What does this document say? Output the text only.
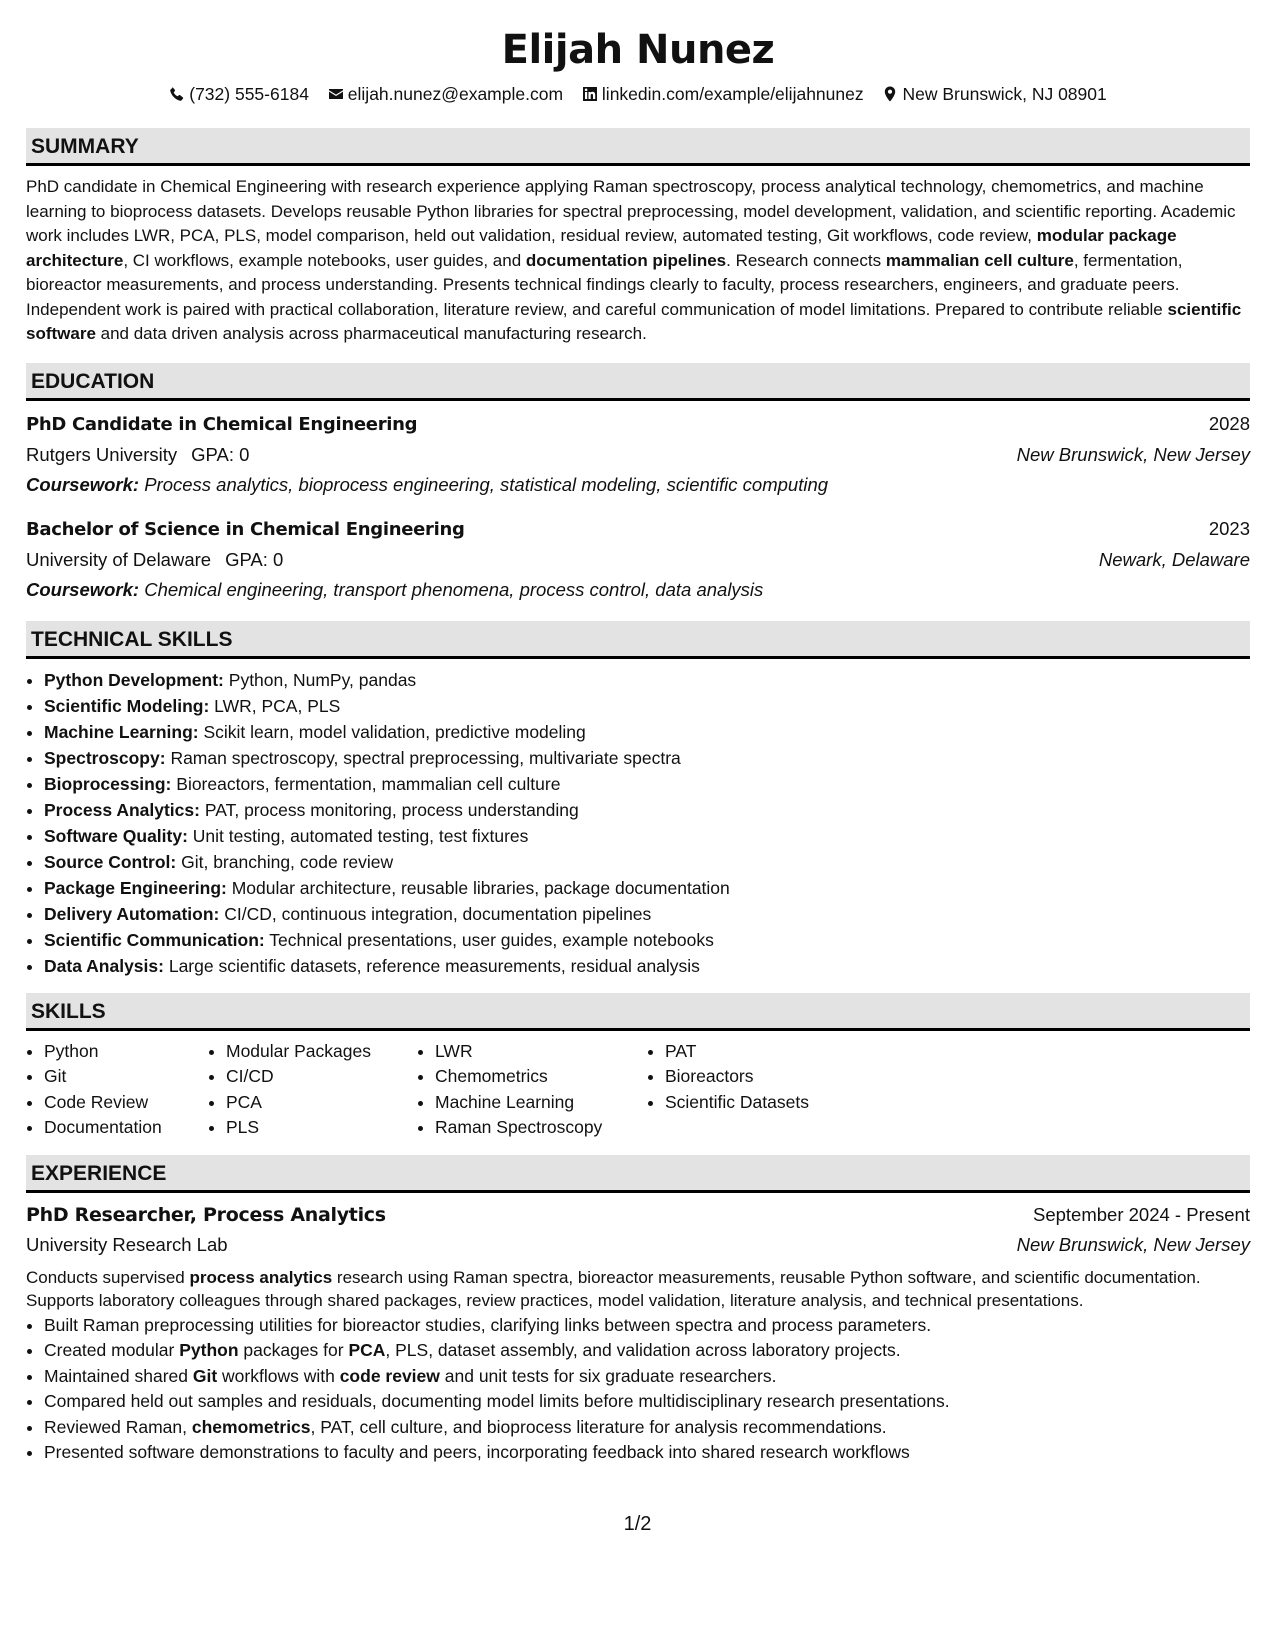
Elijah Nunez
(732) 555-6184 elijah.nunez@example.com linkedin.com/example/elijahnunez New Brunswick, NJ 08901
SUMMARY
PhD candidate in Chemical Engineering with research experience applying Raman spectroscopy, process analytical technology, chemometrics, and machine learning to bioprocess datasets. Develops reusable Python libraries for spectral preprocessing, model development, validation, and scientific reporting. Academic work includes LWR, PCA, PLS, model comparison, held out validation, residual review, automated testing, Git workflows, code review, modular package architecture, CI workflows, example notebooks, user guides, and documentation pipelines. Research connects mammalian cell culture, fermentation, bioreactor measurements, and process understanding. Presents technical findings clearly to faculty, process researchers, engineers, and graduate peers. Independent work is paired with practical collaboration, literature review, and careful communication of model limitations. Prepared to contribute reliable scientific software and data driven analysis across pharmaceutical manufacturing research.
EDUCATION
PhD Candidate in Chemical Engineering	2028
Rutgers University GPA: 0	New Brunswick, New Jersey
Coursework: Process analytics, bioprocess engineering, statistical modeling, scientific computing
Bachelor of Science in Chemical Engineering	2023
University of Delaware GPA: 0	Newark, Delaware
Coursework: Chemical engineering, transport phenomena, process control, data analysis
TECHNICAL SKILLS
• Python Development: Python, NumPy, pandas
• Scientific Modeling: LWR, PCA, PLS
• Machine Learning: Scikit learn, model validation, predictive modeling
• Spectroscopy: Raman spectroscopy, spectral preprocessing, multivariate spectra
• Bioprocessing: Bioreactors, fermentation, mammalian cell culture
• Process Analytics: PAT, process monitoring, process understanding
• Software Quality: Unit testing, automated testing, test fixtures
• Source Control: Git, branching, code review
• Package Engineering: Modular architecture, reusable libraries, package documentation
• Delivery Automation: CI/CD, continuous integration, documentation pipelines
• Scientific Communication: Technical presentations, user guides, example notebooks
• Data Analysis: Large scientific datasets, reference measurements, residual analysis
SKILLS
• Python
• Git
• Code Review
• Documentation
• Modular Packages
• CI/CD
• PCA
• PLS
• LWR
• Chemometrics
• Machine Learning
• Raman Spectroscopy
• PAT
• Bioreactors
• Scientific Datasets
EXPERIENCE
PhD Researcher, Process Analytics	September 2024 - Present
University Research Lab	New Brunswick, New Jersey
Conducts supervised process analytics research using Raman spectra, bioreactor measurements, reusable Python software, and scientific documentation. Supports laboratory colleagues through shared packages, review practices, model validation, literature analysis, and technical presentations.
• Built Raman preprocessing utilities for bioreactor studies, clarifying links between spectra and process parameters.
• Created modular Python packages for PCA, PLS, dataset assembly, and validation across laboratory projects.
• Maintained shared Git workflows with code review and unit tests for six graduate researchers.
• Compared held out samples and residuals, documenting model limits before multidisciplinary research presentations.
• Reviewed Raman, chemometrics, PAT, cell culture, and bioprocess literature for analysis recommendations.
• Presented software demonstrations to faculty and peers, incorporating feedback into shared research workflows
1/2
